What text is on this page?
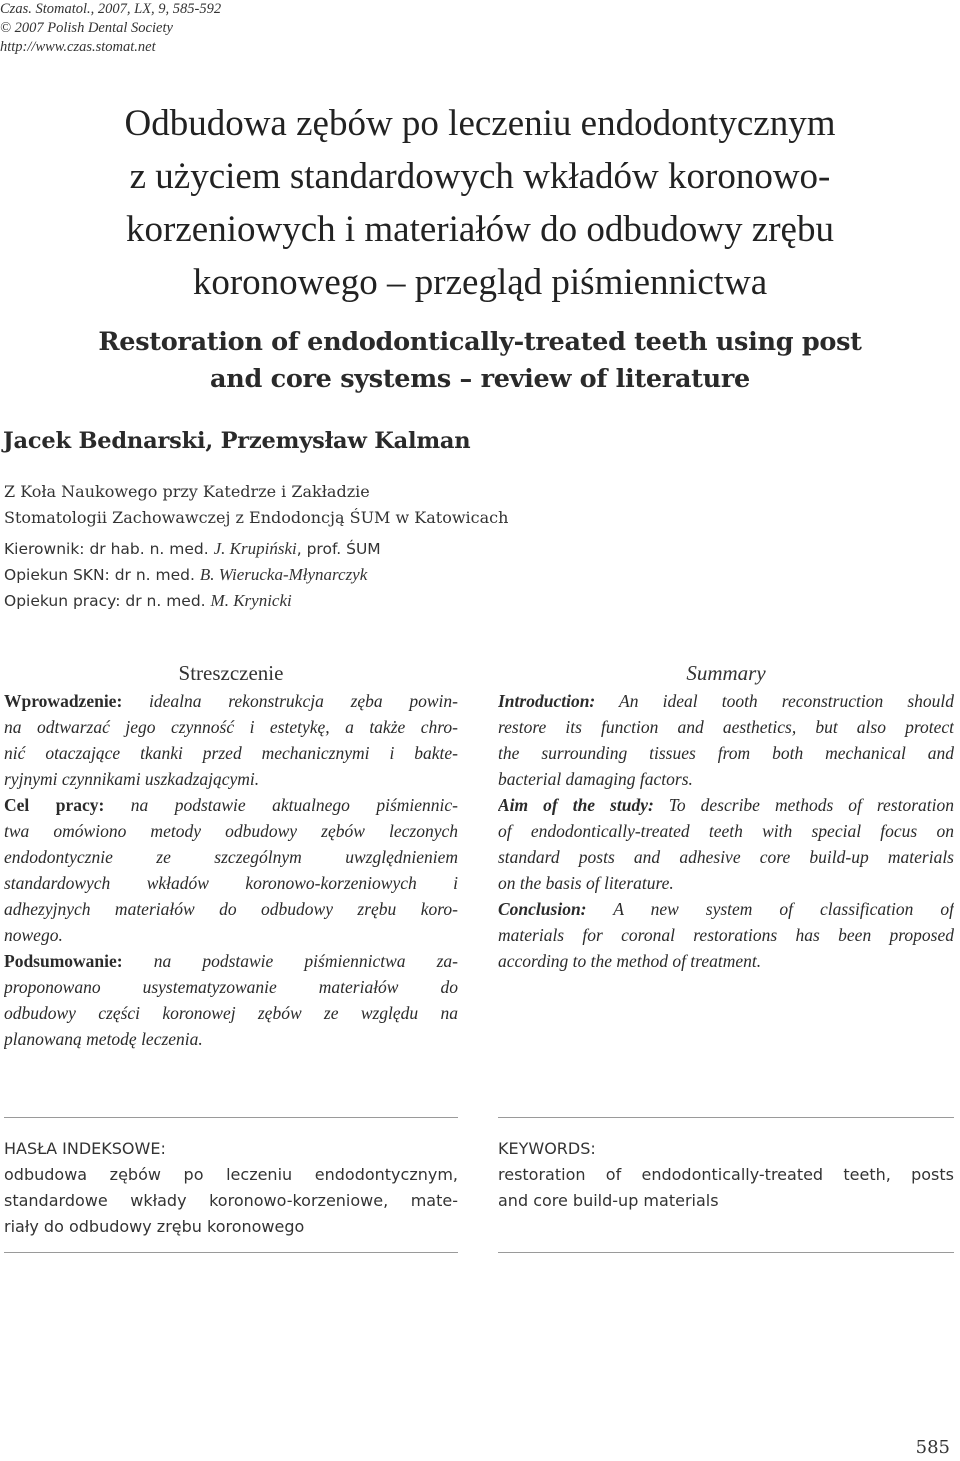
Czas. Stomatol., 2007, LX, 9, 585-592
© 2007 Polish Dental Society
http://www.czas.stomat.net
Odbudowa zębów po leczeniu endodontycznym
z użyciem standardowych wkładów koronowo-
korzeniowych i materiałów do odbudowy zrębu
koronowego – przegląd piśmiennictwa
Restoration of endodontically-treated teeth using post
and core systems – review of literature
Jacek Bednarski, Przemysław Kalman
Z Koła Naukowego przy Katedrze i Zakładzie
Stomatologii Zachowawczej z Endodoncją ŚUM w Katowicach
Kierownik: dr hab. n. med. J. Krupiński, prof. ŚUM
Opiekun SKN: dr n. med. B. Wierucka-Młynarczyk
Opiekun pracy: dr n. med. M. Krynicki
Streszczenie
Wprowadzenie: idealna rekonstrukcja zęba powin-
na odtwarzać jego czynność i estetykę, a także chro-
nić otaczające tkanki przed mechanicznymi i bakte-
ryjnymi czynnikami uszkadzającymi.
Cel pracy: na podstawie aktualnego piśmiennic-
twa omówiono metody odbudowy zębów leczonych
endodontycznie ze szczególnym uwzględnieniem
standardowych wkładów koronowo-korzeniowych i
adhezyjnych materiałów do odbudowy zrębu koro-
nowego.
Podsumowanie: na podstawie piśmiennictwa za-
proponowano usystematyzowanie materiałów do
odbudowy części koronowej zębów ze względu na
planowaną metodę leczenia.
Summary
Introduction: An ideal tooth reconstruction should
restore its function and aesthetics, but also protect
the surrounding tissues from both mechanical and
bacterial damaging factors.
Aim of the study: To describe methods of restoration
of endodontically-treated teeth with special focus on
standard posts and adhesive core build-up materials
on the basis of literature.
Conclusion: A new system of classification of
materials for coronal restorations has been proposed
according to the method of treatment.
HASŁA INDEKSOWE:
odbudowa zębów po leczeniu endodontycznym,
standardowe wkłady koronowo-korzeniowe, mate-
riały do odbudowy zrębu koronowego
KEYWORDS:
restoration of endodontically-treated teeth, posts
and core build-up materials
585
